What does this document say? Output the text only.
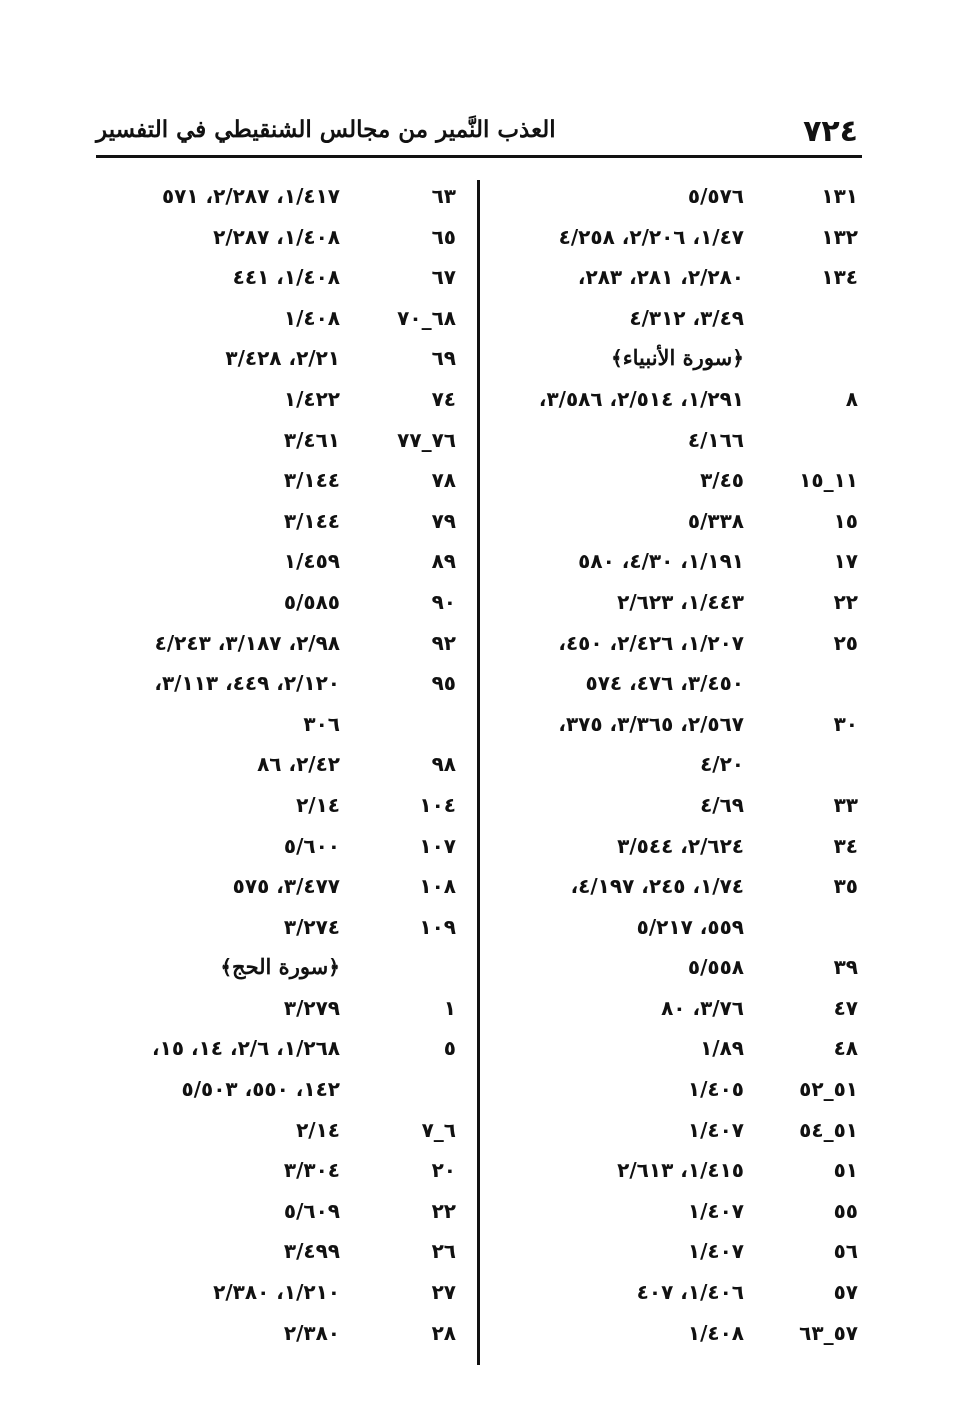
٧٢٤
العذب النَّمير من مجالس الشنقيطي في التفسير
١٣١
٥/٥٧٦
١٣٢
١/٤٧، ٢/٢٠٦، ٤/٢٥٨
١٣٤
٢/٢٨٠، ٢٨١، ٢٨٣،
٣/٤٩، ٤/٣١٢
﴿سورة الأنبياء﴾
٨
١/٢٩١، ٢/٥١٤، ٣/٥٨٦،
٤/١٦٦
١١_١٥
٣/٤٥
١٥
٥/٣٣٨
١٧
١/١٩١، ٤/٣٠، ٥٨٠
٢٢
١/٤٤٣، ٢/٦٢٣
٢٥
١/٢٠٧، ٢/٤٢٦، ٤٥٠،
٣/٤٥٠، ٤٧٦، ٥٧٤
٣٠
٢/٥٦٧، ٣/٣٦٥، ٣٧٥،
٤/٢٠
٣٣
٤/٦٩
٣٤
٢/٦٢٤، ٣/٥٤٤
٣٥
١/٧٤، ٢٤٥، ٤/١٩٧،
٥٥٩، ٥/٢١٧
٣٩
٥/٥٥٨
٤٧
٣/٧٦، ٨٠
٤٨
١/٨٩
٥١_٥٢
١/٤٠٥
٥١_٥٤
١/٤٠٧
٥١
١/٤١٥، ٢/٦١٣
٥٥
١/٤٠٧
٥٦
١/٤٠٧
٥٧
١/٤٠٦، ٤٠٧
٥٧_٦٣
١/٤٠٨
٦٣
١/٤١٧، ٢/٢٨٧، ٥٧١
٦٥
١/٤٠٨، ٢/٢٨٧
٦٧
١/٤٠٨، ٤٤١
٦٨_٧٠
١/٤٠٨
٦٩
٢/٢١، ٣/٤٢٨
٧٤
١/٤٢٢
٧٦_٧٧
٣/٤٦١
٧٨
٣/١٤٤
٧٩
٣/١٤٤
٨٩
١/٤٥٩
٩٠
٥/٥٨٥
٩٢
٢/٩٨، ٣/١٨٧، ٤/٢٤٣
٩٥
٢/١٢٠، ٤٤٩، ٣/١١٣،
٣٠٦
٩٨
٢/٤٢، ٨٦
١٠٤
٢/١٤
١٠٧
٥/٦٠٠
١٠٨
٣/٤٧٧، ٥٧٥
١٠٩
٣/٢٧٤
﴿سورة الحج﴾
١
٣/٢٧٩
٥
١/٢٦٨، ٢/٦، ١٤، ١٥،
١٤٢، ٥٥٠، ٥/٥٠٣
٦_٧
٢/١٤
٢٠
٣/٣٠٤
٢٢
٥/٦٠٩
٢٦
٣/٤٩٩
٢٧
١/٢١٠، ٢/٣٨٠
٢٨
٢/٣٨٠
